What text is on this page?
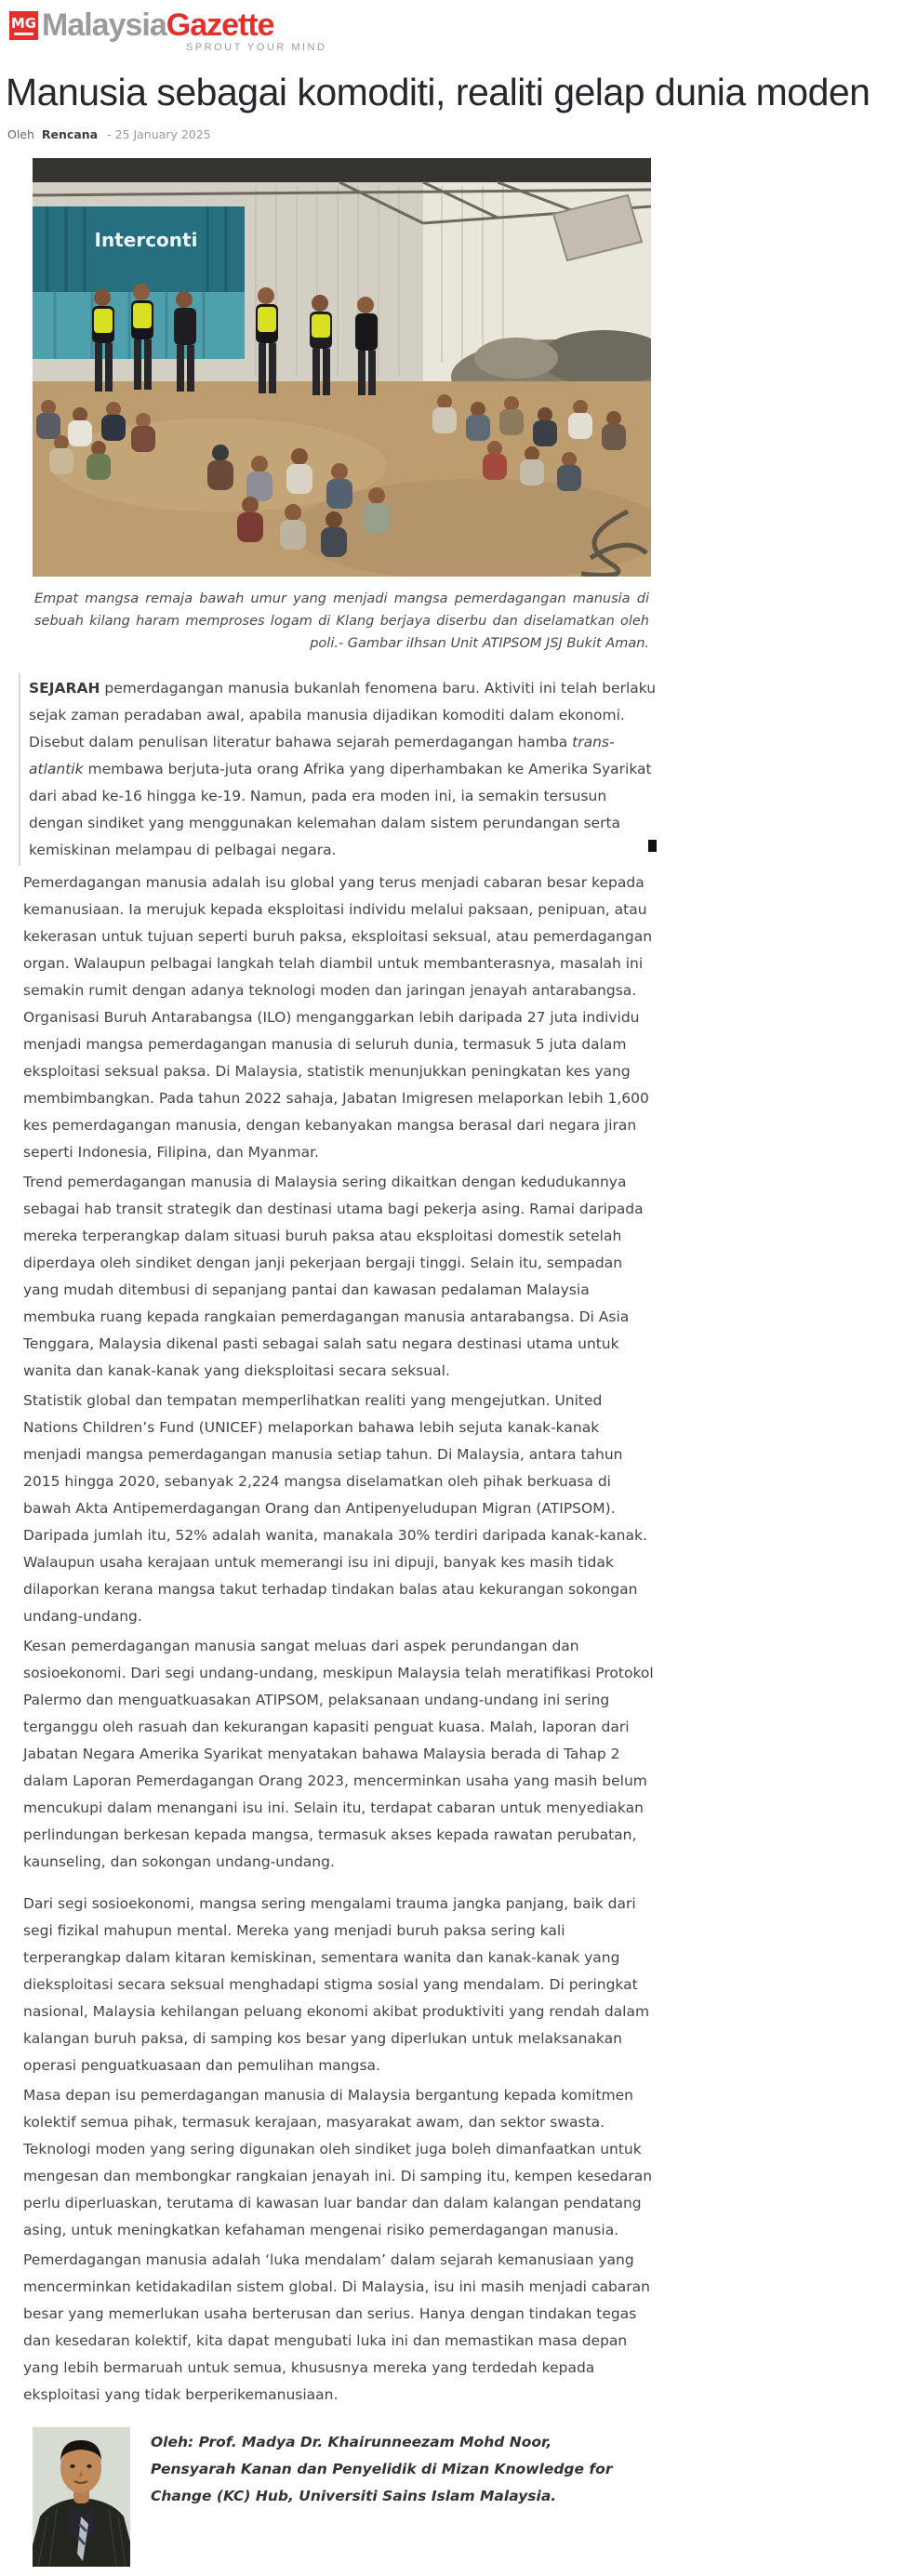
MG MalaysiaGazette
SPROUT YOUR MIND
Manusia sebagai komoditi, realiti gelap dunia moden
Oleh Rencana - 25 January 2025
Interconti
Empat mangsa remaja bawah umur yang menjadi mangsa pemerdagangan manusia di sebuah kilang haram memproses logam di Klang berjaya diserbu dan diselamatkan oleh poli.- Gambar iIhsan Unit ATIPSOM JSJ Bukit Aman.
SEJARAH pemerdagangan manusia bukanlah fenomena baru. Aktiviti ini telah berlaku sejak zaman peradaban awal, apabila manusia dijadikan komoditi dalam ekonomi. Disebut dalam penulisan literatur bahawa sejarah pemerdagangan hamba trans-atlantik membawa berjuta-juta orang Afrika yang diperhambakan ke Amerika Syarikat dari abad ke-16 hingga ke-19. Namun, pada era moden ini, ia semakin tersusun dengan sindiket yang menggunakan kelemahan dalam sistem perundangan serta kemiskinan melampau di pelbagai negara.

Pemerdagangan manusia adalah isu global yang terus menjadi cabaran besar kepada kemanusiaan. Ia merujuk kepada eksploitasi individu melalui paksaan, penipuan, atau kekerasan untuk tujuan seperti buruh paksa, eksploitasi seksual, atau pemerdagangan organ. Walaupun pelbagai langkah telah diambil untuk membanterasnya, masalah ini semakin rumit dengan adanya teknologi moden dan jaringan jenayah antarabangsa. Organisasi Buruh Antarabangsa (ILO) menganggarkan lebih daripada 27 juta individu menjadi mangsa pemerdagangan manusia di seluruh dunia, termasuk 5 juta dalam eksploitasi seksual paksa. Di Malaysia, statistik menunjukkan peningkatan kes yang membimbangkan. Pada tahun 2022 sahaja, Jabatan Imigresen melaporkan lebih 1,600 kes pemerdagangan manusia, dengan kebanyakan mangsa berasal dari negara jiran seperti Indonesia, Filipina, dan Myanmar.

Trend pemerdagangan manusia di Malaysia sering dikaitkan dengan kedudukannya sebagai hab transit strategik dan destinasi utama bagi pekerja asing. Ramai daripada mereka terperangkap dalam situasi buruh paksa atau eksploitasi domestik setelah diperdaya oleh sindiket dengan janji pekerjaan bergaji tinggi. Selain itu, sempadan yang mudah ditembusi di sepanjang pantai dan kawasan pedalaman Malaysia membuka ruang kepada rangkaian pemerdagangan manusia antarabangsa. Di Asia Tenggara, Malaysia dikenal pasti sebagai salah satu negara destinasi utama untuk wanita dan kanak-kanak yang dieksploitasi secara seksual.

Statistik global dan tempatan memperlihatkan realiti yang mengejutkan. United Nations Children’s Fund (UNICEF) melaporkan bahawa lebih sejuta kanak-kanak menjadi mangsa pemerdagangan manusia setiap tahun. Di Malaysia, antara tahun 2015 hingga 2020, sebanyak 2,224 mangsa diselamatkan oleh pihak berkuasa di bawah Akta Antipemerdagangan Orang dan Antipenyeludupan Migran (ATIPSOM). Daripada jumlah itu, 52% adalah wanita, manakala 30% terdiri daripada kanak-kanak. Walaupun usaha kerajaan untuk memerangi isu ini dipuji, banyak kes masih tidak dilaporkan kerana mangsa takut terhadap tindakan balas atau kekurangan sokongan undang-undang.

Kesan pemerdagangan manusia sangat meluas dari aspek perundangan dan sosioekonomi. Dari segi undang-undang, meskipun Malaysia telah meratifikasi Protokol Palermo dan menguatkuasakan ATIPSOM, pelaksanaan undang-undang ini sering terganggu oleh rasuah dan kekurangan kapasiti penguat kuasa. Malah, laporan dari Jabatan Negara Amerika Syarikat menyatakan bahawa Malaysia berada di Tahap 2 dalam Laporan Pemerdagangan Orang 2023, mencerminkan usaha yang masih belum mencukupi dalam menangani isu ini. Selain itu, terdapat cabaran untuk menyediakan perlindungan berkesan kepada mangsa, termasuk akses kepada rawatan perubatan, kaunseling, dan sokongan undang-undang.

Dari segi sosioekonomi, mangsa sering mengalami trauma jangka panjang, baik dari segi fizikal mahupun mental. Mereka yang menjadi buruh paksa sering kali terperangkap dalam kitaran kemiskinan, sementara wanita dan kanak-kanak yang dieksploitasi secara seksual menghadapi stigma sosial yang mendalam. Di peringkat nasional, Malaysia kehilangan peluang ekonomi akibat produktiviti yang rendah dalam kalangan buruh paksa, di samping kos besar yang diperlukan untuk melaksanakan operasi penguatkuasaan dan pemulihan mangsa.

Masa depan isu pemerdagangan manusia di Malaysia bergantung kepada komitmen kolektif semua pihak, termasuk kerajaan, masyarakat awam, dan sektor swasta. Teknologi moden yang sering digunakan oleh sindiket juga boleh dimanfaatkan untuk mengesan dan membongkar rangkaian jenayah ini. Di samping itu, kempen kesedaran perlu diperluaskan, terutama di kawasan luar bandar dan dalam kalangan pendatang asing, untuk meningkatkan kefahaman mengenai risiko pemerdagangan manusia.

Pemerdagangan manusia adalah ‘luka mendalam’ dalam sejarah kemanusiaan yang mencerminkan ketidakadilan sistem global. Di Malaysia, isu ini masih menjadi cabaran besar yang memerlukan usaha berterusan dan serius. Hanya dengan tindakan tegas dan kesedaran kolektif, kita dapat mengubati luka ini dan memastikan masa depan yang lebih bermaruah untuk semua, khususnya mereka yang terdedah kepada eksploitasi yang tidak berperikemanusiaan.

Oleh: Prof. Madya Dr. Khairunneezam Mohd Noor, Pensyarah Kanan dan Penyelidik di Mizan Knowledge for Change (KC) Hub, Universiti Sains Islam Malaysia.
